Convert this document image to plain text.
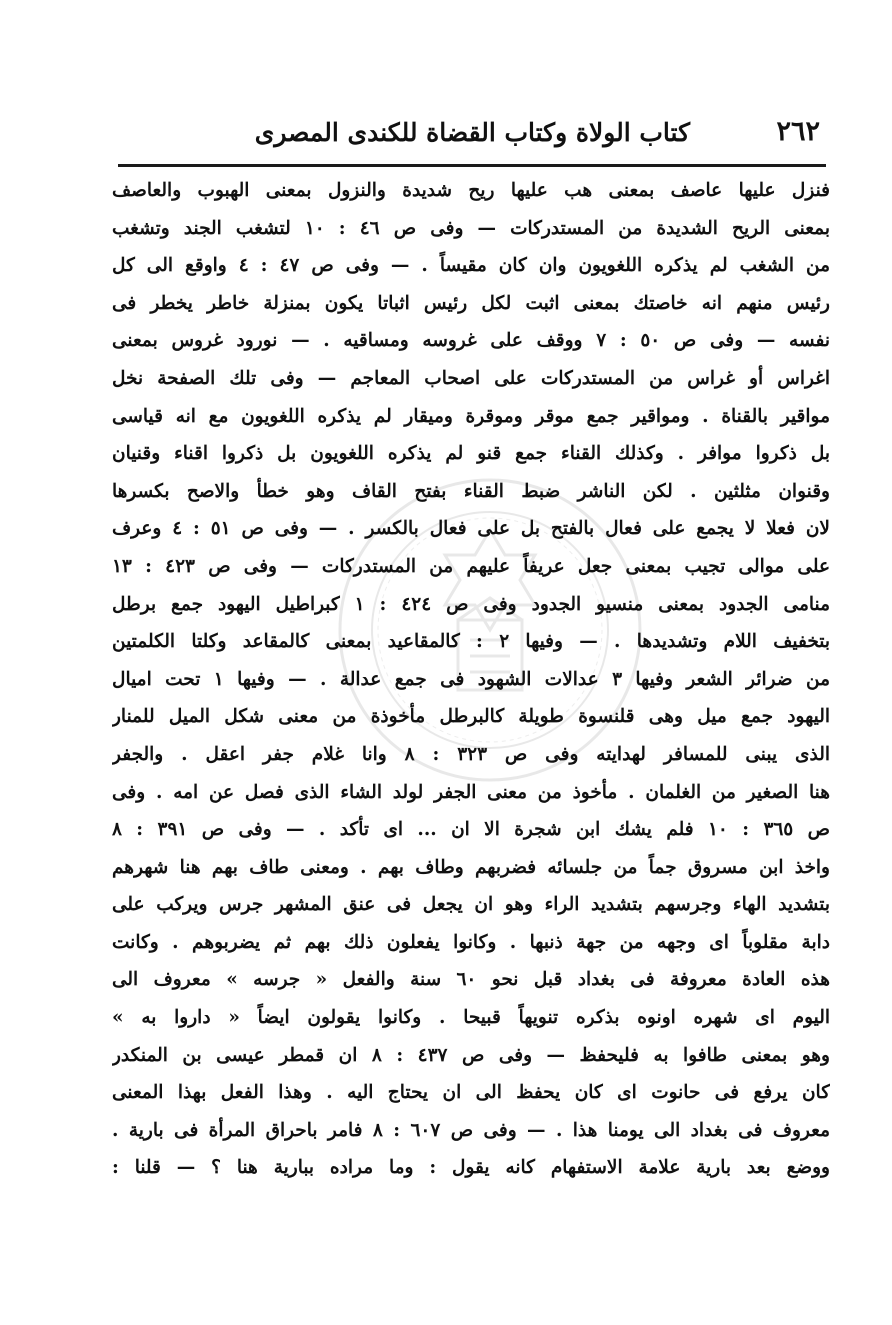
٢٦٢
كتاب الولاة وكتاب القضاة للكندى المصرى
فنزل عليها عاصف بمعنى هب عليها ريح شديدة والنزول بمعنى الهبوب والعاصف
بمعنى الريح الشديدة من المستدركات — وفى ص ٤٦ : ١٠ لتشغب الجند وتشغب
من الشغب لم يذكره اللغويون وان كان مقيساً . — وفى ص ٤٧ : ٤ واوقع الى كل
رئيس منهم انه خاصتك بمعنى اثبت لكل رئيس اثباتا يكون بمنزلة خاطر يخطر فى
نفسه — وفى ص ٥٠ : ٧ ووقف على غروسه ومساقيه . — نورود غروس بمعنى
اغراس أو غراس من المستدركات على اصحاب المعاجم — وفى تلك الصفحة نخل
مواقير بالقناة . ومواقير جمع موقر وموقرة وميقار لم يذكره اللغويون مع انه قياسى
بل ذكروا موافر . وكذلك القناء جمع قنو لم يذكره اللغويون بل ذكروا اقناء وقنيان
وقنوان مثلثين . لكن الناشر ضبط القناء بفتح القاف وهو خطأ والاصح بكسرها
لان فعلا لا يجمع على فعال بالفتح بل على فعال بالكسر . — وفى ص ٥١ : ٤ وعرف
على موالى تجيب بمعنى جعل عريفاً عليهم من المستدركات — وفى ص ٤٢٣ : ١٣
منامى الجدود بمعنى منسيو الجدود وفى ص ٤٢٤ : ١ كبراطيل اليهود جمع برطل
بتخفيف اللام وتشديدها . — وفيها ٢ : كالمقاعيد بمعنى كالمقاعد وكلتا الكلمتين
من ضرائر الشعر وفيها ٣ عدالات الشهود فى جمع عدالة . — وفيها ١ تحت اميال
اليهود جمع ميل وهى قلنسوة طويلة كالبرطل مأخوذة من معنى شكل الميل للمنار
الذى يبنى للمسافر لهدايته وفى ص ٣٢٣ : ٨ وانا غلام جفر اعقل . والجفر
هنا الصغير من الغلمان . مأخوذ من معنى الجفر لولد الشاء الذى فصل عن امه . وفى
ص ٣٦٥ : ١٠ فلم يشك ابن شجرة الا ان ... اى تأكد . — وفى ص ٣٩١ : ٨
واخذ ابن مسروق جماً من جلسائه فضربهم وطاف بهم . ومعنى طاف بهم هنا شهرهم
بتشديد الهاء وجرسهم بتشديد الراء وهو ان يجعل فى عنق المشهر جرس ويركب على
دابة مقلوباً اى وجهه من جهة ذنبها . وكانوا يفعلون ذلك بهم ثم يضربوهم . وكانت
هذه العادة معروفة فى بغداد قبل نحو ٦٠ سنة والفعل « جرسه » معروف الى
اليوم اى شهره اونوه بذكره تنويهاً قبيحا . وكانوا يقولون ايضاً « داروا به »
وهو بمعنى طافوا به فليحفظ — وفى ص ٤٣٧ : ٨ ان قمطر عيسى بن المنكدر
كان يرفع فى حانوت اى كان يحفظ الى ان يحتاج اليه . وهذا الفعل بهذا المعنى
معروف فى بغداد الى يومنا هذا . — وفى ص ٦٠٧ : ٨ فامر باحراق المرأة فى بارية .
ووضع بعد بارية علامة الاستفهام كانه يقول : وما مراده ببارية هنا ؟ — قلنا :
